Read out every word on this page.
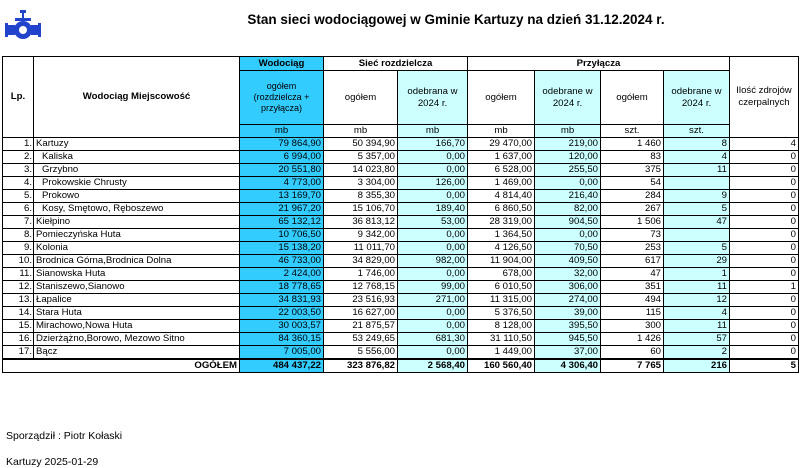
Stan sieci wodociągowej w Gminie Kartuzy na dzień 31.12.2024 r.
Lp.	Wodociąg Miejscowość	Wodociąg	Sieć rozdzielcza		Przyłącza				Ilość zdrojów czerpalnych
		ogółem (rozdzielcza + przyłącza)	ogółem	odebrana w 2024 r.	ogółem	odebrane w 2024 r.	ogółem	odebrane w 2024 r.	
		mb	mb	mb	mb	mb	szt.	szt.	
1.	Kartuzy	79 864,90	50 394,90	166,70	29 470,00	219,00	1 460	8	4
2.	Kaliska	6 994,00	5 357,00	0,00	1 637,00	120,00	83	4	0
3.	Grzybno	20 551,80	14 023,80	0,00	6 528,00	255,50	375	11	0
4.	Prokowskie Chrusty	4 773,00	3 304,00	126,00	1 469,00	0,00	54		0
5.	Prokowo	13 169,70	8 355,30	0,00	4 814,40	216,40	284	9	0
6.	Kosy, Smętowo, Ręboszewo	21 967,20	15 106,70	189,40	6 860,50	82,00	267	5	0
7.	Kiełpino	65 132,12	36 813,12	53,00	28 319,00	904,50	1 506	47	0
8.	Pomieczyńska Huta	10 706,50	9 342,00	0,00	1 364,50	0,00	73		0
9.	Kolonia	15 138,20	11 011,70	0,00	4 126,50	70,50	253	5	0
10.	Brodnica Górna,Brodnica Dolna	46 733,00	34 829,00	982,00	11 904,00	409,50	617	29	0
11.	Sianowska Huta	2 424,00	1 746,00	0,00	678,00	32,00	47	1	0
12.	Staniszewo,Sianowo	18 778,65	12 768,15	99,00	6 010,50	306,00	351	11	1
13.	Łapalice	34 831,93	23 516,93	271,00	11 315,00	274,00	494	12	0
14.	Stara Huta	22 003,50	16 627,00	0,00	5 376,50	39,00	115	4	0
15.	Mirachowo,Nowa Huta	30 003,57	21 875,57	0,00	8 128,00	395,50	300	11	0
16.	Dzierżążno,Borowo, Mezowo Sitno	84 360,15	53 249,65	681,30	31 110,50	945,50	1 426	57	0
17.	Bącz	7 005,00	5 556,00	0,00	1 449,00	37,00	60	2	0
OGÓŁEM		484 437,22	323 876,82	2 568,40	160 560,40	4 306,40	7 765	216	5
Sporządził : Piotr Kołaski
Kartuzy 2025-01-29
